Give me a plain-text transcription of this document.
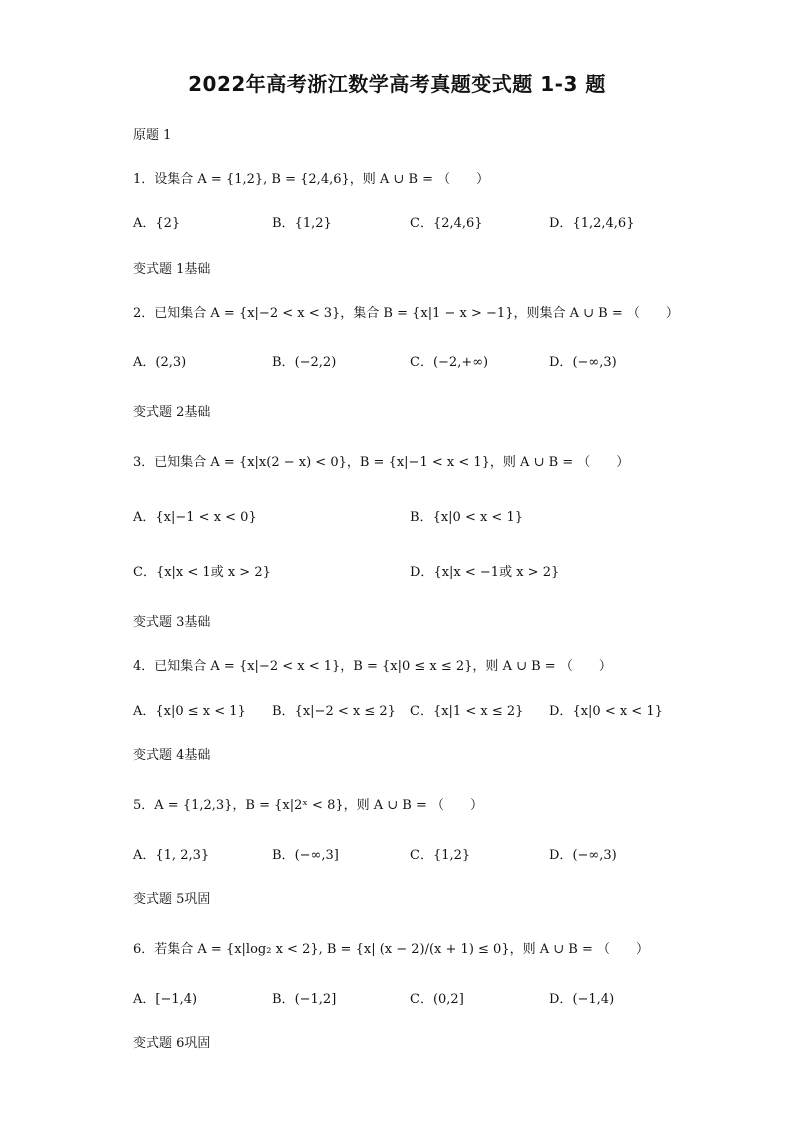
2022年高考浙江数学高考真题变式题 1-3 题
原题 1
1．设集合 A = {1,2}, B = {2,4,6}，则 A ∪ B = （　　）
A．{2}	B．{1,2}	C．{2,4,6}	D．{1,2,4,6}
变式题 1基础
2．已知集合 A = {x|−2 < x < 3}，集合 B = {x|1 − x > −1}，则集合 A ∪ B = （　　）
A．(2,3)	B．(−2,2)	C．(−2,+∞)	D．(−∞,3)
变式题 2基础
3．已知集合 A = {x|x(2 − x) < 0}，B = {x|−1 < x < 1}，则 A ∪ B = （　　）
A．{x|−1 < x < 0}	B．{x|0 < x < 1}
C．{x|x < 1或 x > 2}	D．{x|x < −1或 x > 2}
变式题 3基础
4．已知集合 A = {x|−2 < x < 1}，B = {x|0 ≤ x ≤ 2}，则 A ∪ B = （　　）
A．{x|0 ≤ x < 1} B．{x|−2 < x ≤ 2} C．{x|1 < x ≤ 2} D．{x|0 < x < 1}
变式题 4基础
5．A = {1,2,3}，B = {x|2ˣ < 8}，则 A ∪ B = （　　）
A．{1, 2,3}	B．(−∞,3]	C．{1,2}	D．(−∞,3)
变式题 5巩固
6．若集合 A = {x|log₂ x < 2}, B = {x| (x − 2)/(x + 1) ≤ 0}，则 A ∪ B = （　　）
A．[−1,4)	B．(−1,2]	C．(0,2]	D．(−1,4)
变式题 6巩固
